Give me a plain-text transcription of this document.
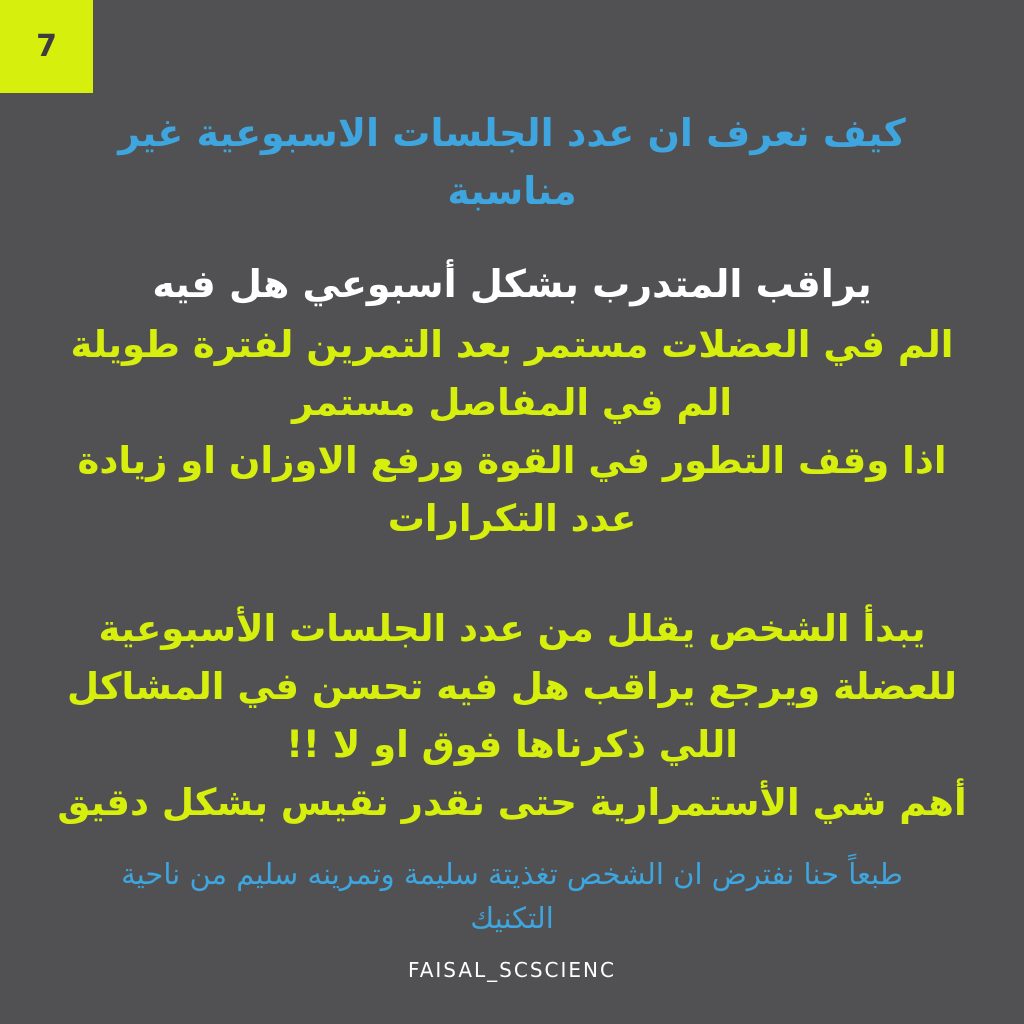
7
كيف نعرف ان عدد الجلسات الاسبوعية غير
مناسبة
يراقب المتدرب بشكل أسبوعي هل فيه
الم في العضلات مستمر بعد التمرين لفترة طويلة
الم في المفاصل مستمر
اذا وقف التطور في القوة ورفع الاوزان او زيادة
عدد التكرارات
يبدأ الشخص يقلل من عدد الجلسات الأسبوعية
للعضلة ويرجع يراقب هل فيه تحسن في المشاكل
اللي ذكرناها فوق او لا !!
أهم شي الأستمرارية حتى نقدر نقيس بشكل دقيق
طبعاً حنا نفترض ان الشخص تغذيتة سليمة وتمرينه سليم من ناحية
التكنيك
FAISAL_SCSCIENC
